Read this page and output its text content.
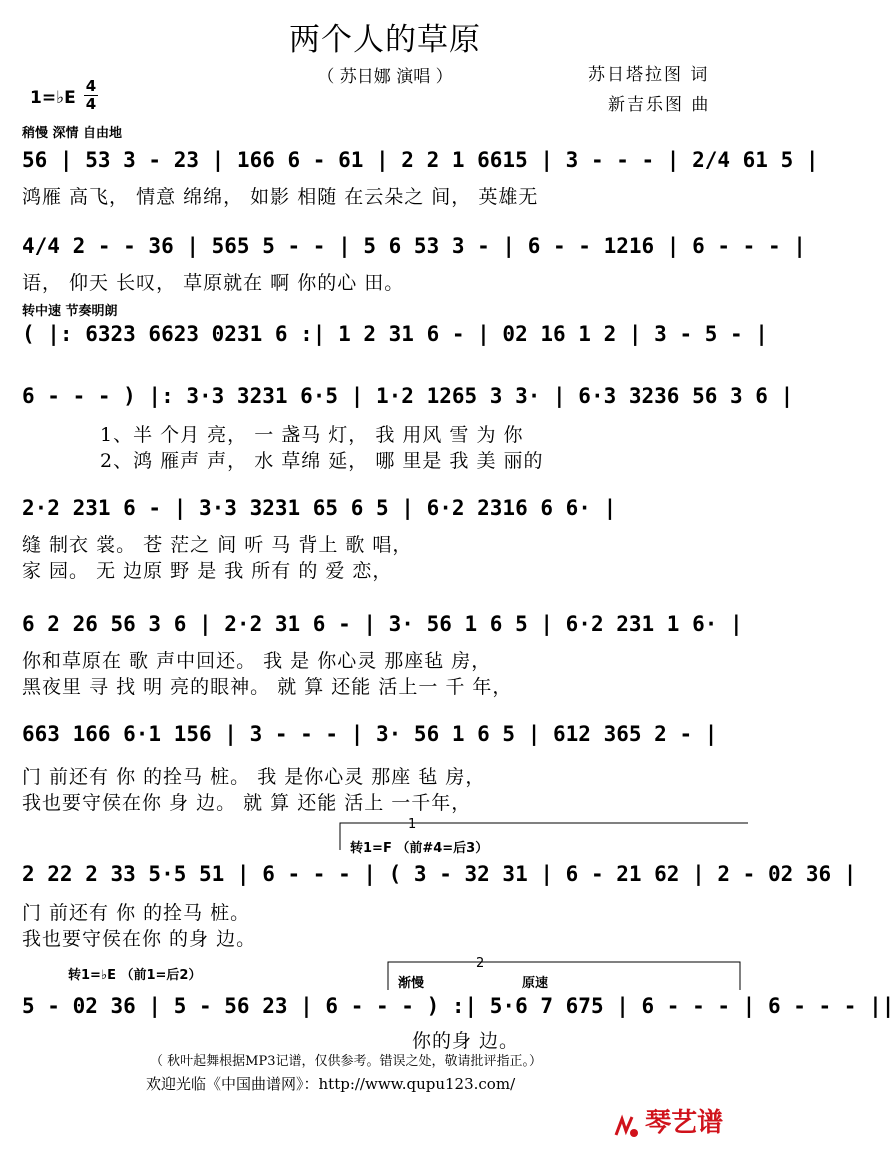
两个人的草原
（ 苏日娜 演唱 ）	苏日塔拉图 词
新吉乐图 曲
1=♭E
4
4
稍慢 深情 自由地
转中速 节奏明朗
转1=F （前#4=后3）
转1=♭E （前1=后2）
渐慢	原速
1
2
56 | 53 3 - 23 | 166 6 - 61 | 2 2 1 6615 | 3 - - - | 2/4 61 5 |
鸿雁 高飞， 情意 绵绵， 如影 相随 在云朵之 间， 英雄无
4/4 2 - - 36 | 565 5 - - | 5 6 53 3 - | 6 - - 1216 | 6 - - - |
语， 仰天 长叹， 草原就在 啊 你的心 田。
( |: 6323 6623 0231 6 :| 1 2 31 6 - | 02 16 1 2 | 3 - 5 - |
6 - - - ) |: 3·3 3231 6·5 | 1·2 1265 3 3· | 6·3 3236 56 3 6 |
1、半 个月 亮， 一 盏马 灯， 我 用风 雪 为 你
2、鸿 雁声 声， 水 草绵 延， 哪 里是 我 美 丽的
2·2 231 6 - | 3·3 3231 65 6 5 | 6·2 2316 6 6· |
缝 制衣 裳。 苍 茫之 间 听 马 背上 歌 唱，
家 园。 无 边原 野 是 我 所有 的 爱 恋，
6 2 26 56 3 6 | 2·2 31 6 - | 3· 56 1 6 5 | 6·2 231 1 6· |
你和草原在 歌 声中回还。 我 是 你心灵 那座毡 房，
黑夜里 寻 找 明 亮的眼神。 就 算 还能 活上一 千 年，
663 166 6·1 156 | 3 - - - | 3· 56 1 6 5 | 612 365 2 - |
门 前还有 你 的拴马 桩。 我 是你心灵 那座 毡 房，
我也要守侯在你 身 边。 就 算 还能 活上 一千年，
2 22 2 33 5·5 51 | 6 - - - | ( 3 - 32 31 | 6 - 21 62 | 2 - 02 36 |
门 前还有 你 的拴马 桩。
我也要守侯在你 的身 边。
5 - 02 36 | 5 - 56 23 | 6 - - - ) :| 5·6 7 675 | 6 - - - | 6 - - - ||
你的身 边。
（ 秋叶起舞根据MP3记谱，仅供参考。错误之处，敬请批评指正。）
欢迎光临《中国曲谱网》：http://www.qupu123.com/
琴艺谱
